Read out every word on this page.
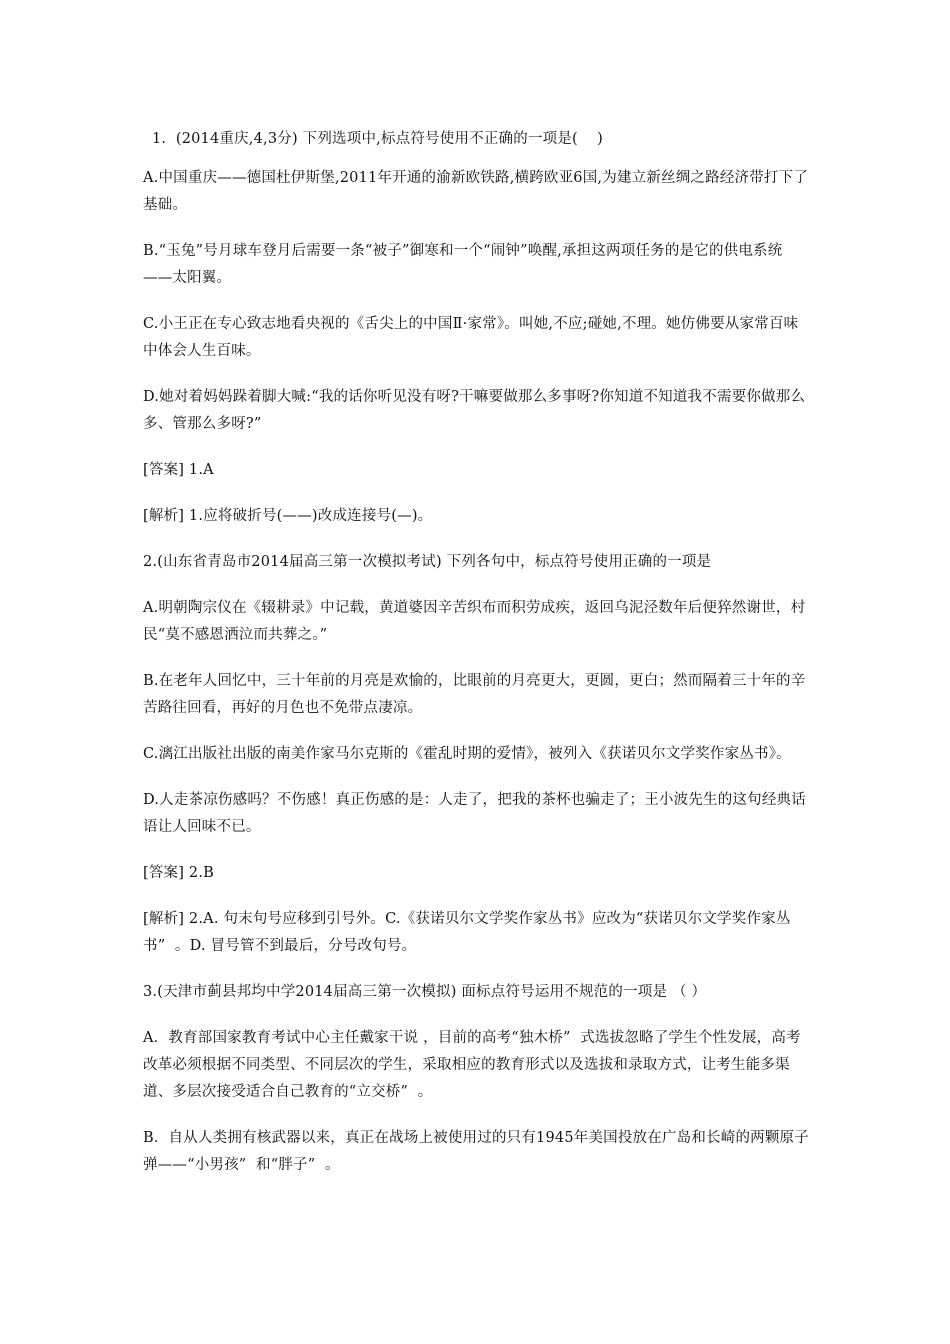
1.  (2014重庆,4,3分) 下列选项中,标点符号使用不正确的一项是(    )

A.中国重庆——德国杜伊斯堡,2011年开通的渝新欧铁路,横跨欧亚6国,为建立新丝绸之路经济带打下了基础。

B.“玉兔”号月球车登月后需要一条“被子”御寒和一个“闹钟”唤醒,承担这两项任务的是它的供电系统——太阳翼。

C.小王正在专心致志地看央视的《舌尖上的中国Ⅱ·家常》。叫她,不应;碰她,不理。她仿佛要从家常百味中体会人生百味。

D.她对着妈妈跺着脚大喊:“我的话你听见没有呀?干嘛要做那么多事呀?你知道不知道我不需要你做那么多、管那么多呀?”

[答案] 1.A

[解析] 1.应将破折号(——)改成连接号(—)。

2.(山东省青岛市2014届高三第一次模拟考试) 下列各句中，标点符号使用正确的一项是

A.明朝陶宗仪在《辍耕录》中记载，黄道婆因辛苦织布而积劳成疾，返回乌泥泾数年后便猝然谢世，村民“莫不感恩洒泣而共葬之。”

B.在老年人回忆中，三十年前的月亮是欢愉的，比眼前的月亮更大，更圆，更白；然而隔着三十年的辛苦路往回看，再好的月色也不免带点凄凉。

C.漓江出版社出版的南美作家马尔克斯的《霍乱时期的爱情》，被列入《获诺贝尔文学奖作家丛书》。

D.人走茶凉伤感吗？不伤感！真正伤感的是：人走了，把我的茶杯也骗走了；王小波先生的这句经典话语让人回味不已。

[答案] 2.B

[解析] 2.A. 句末句号应移到引号外。C.《获诺贝尔文学奖作家丛书》应改为“获诺贝尔文学奖作家丛书”  。D. 冒号管不到最后，分号改句号。

3.(天津市蓟县邦均中学2014届高三第一次模拟) 面标点符号运用不规范的一项是 （ ）

A．教育部国家教育考试中心主任戴家干说 ，目前的高考“独木桥”  式选拔忽略了学生个性发展，高考改革必须根据不同类型、不同层次的学生，采取相应的教育形式以及选拔和录取方式，让考生能多渠道、多层次接受适合自己教育的“立交桥”  。

B．自从人类拥有核武器以来，真正在战场上被使用过的只有1945年美国投放在广岛和长崎的两颗原子弹——“小男孩”  和“胖子”  。
